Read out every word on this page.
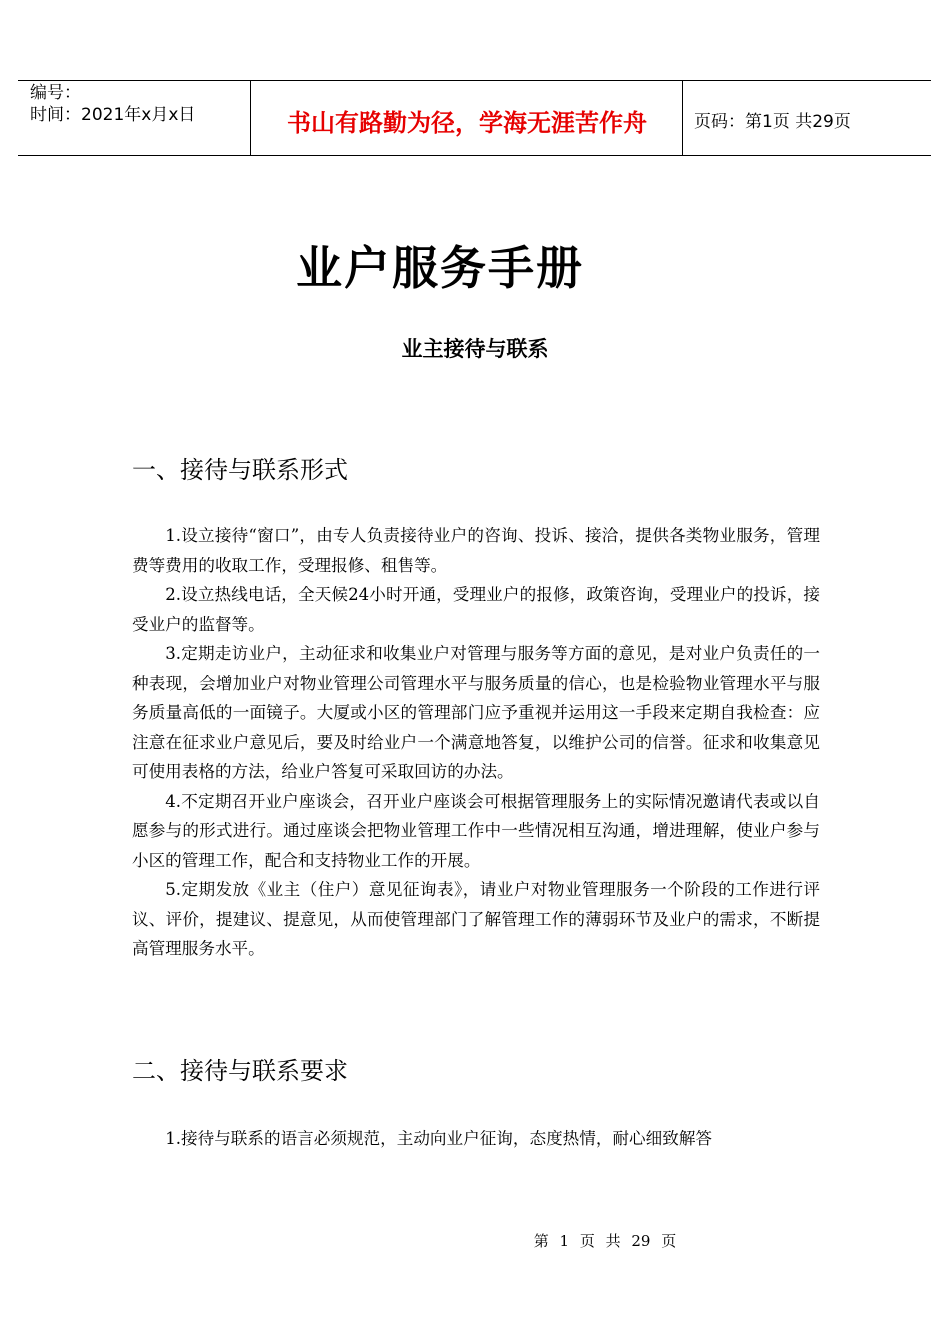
编号：
时间：2021年x月x日	书山有路勤为径，学海无涯苦作舟	页码：第1页 共29页
业户服务手册
业主接待与联系
一、接待与联系形式

1.设立接待“窗口”，由专人负责接待业户的咨询、投诉、接洽，提供各类物业服务，管理费等费用的收取工作，受理报修、租售等。

2.设立热线电话，全天候24小时开通，受理业户的报修，政策咨询，受理业户的投诉，接受业户的监督等。

3.定期走访业户，主动征求和收集业户对管理与服务等方面的意见，是对业户负责任的一种表现，会增加业户对物业管理公司管理水平与服务质量的信心，也是检验物业管理水平与服务质量高低的一面镜子。大厦或小区的管理部门应予重视并运用这一手段来定期自我检查：应注意在征求业户意见后，要及时给业户一个满意地答复，以维护公司的信誉。征求和收集意见可使用表格的方法，给业户答复可采取回访的办法。

4.不定期召开业户座谈会，召开业户座谈会可根据管理服务上的实际情况邀请代表或以自愿参与的形式进行。通过座谈会把物业管理工作中一些情况相互沟通，增进理解，使业户参与小区的管理工作，配合和支持物业工作的开展。

5.定期发放《业主（住户）意见征询表》，请业户对物业管理服务一个阶段的工作进行评议、评价，提建议、提意见，从而使管理部门了解管理工作的薄弱环节及业户的需求，不断提高管理服务水平。

二、接待与联系要求

1.接待与联系的语言必须规范，主动向业户征询，态度热情，耐心细致解答

第 1 页 共 29 页
